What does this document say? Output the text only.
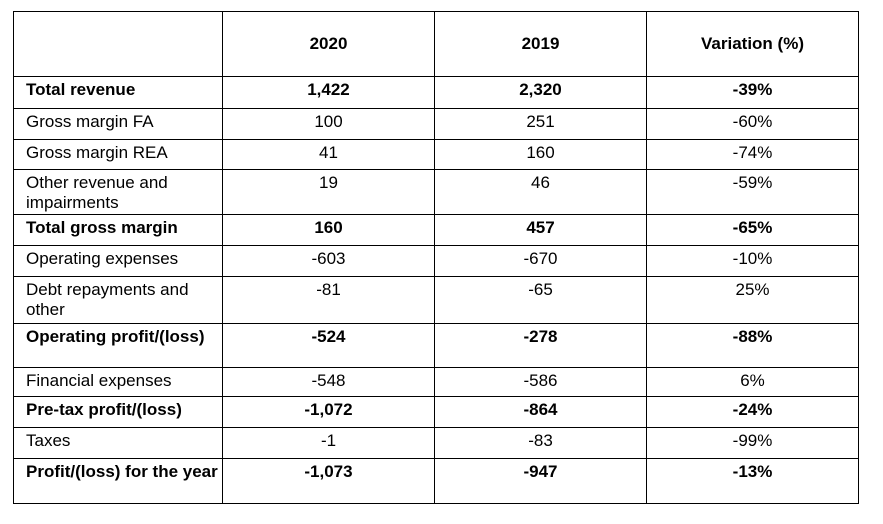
	2020	2019	Variation (%)
Total revenue	1,422	2,320	-39%
Gross margin FA	100	251	-60%
Gross margin REA	41	160	-74%
Other revenue and impairments	19	46	-59%
Total gross margin	160	457	-65%
Operating expenses	-603	-670	-10%
Debt repayments and other	-81	-65	25%
Operating profit/(loss)	-524	-278	-88%
Financial expenses	-548	-586	6%
Pre-tax profit/(loss)	-1,072	-864	-24%
Taxes	-1	-83	-99%
Profit/(loss) for the year	-1,073	-947	-13%
